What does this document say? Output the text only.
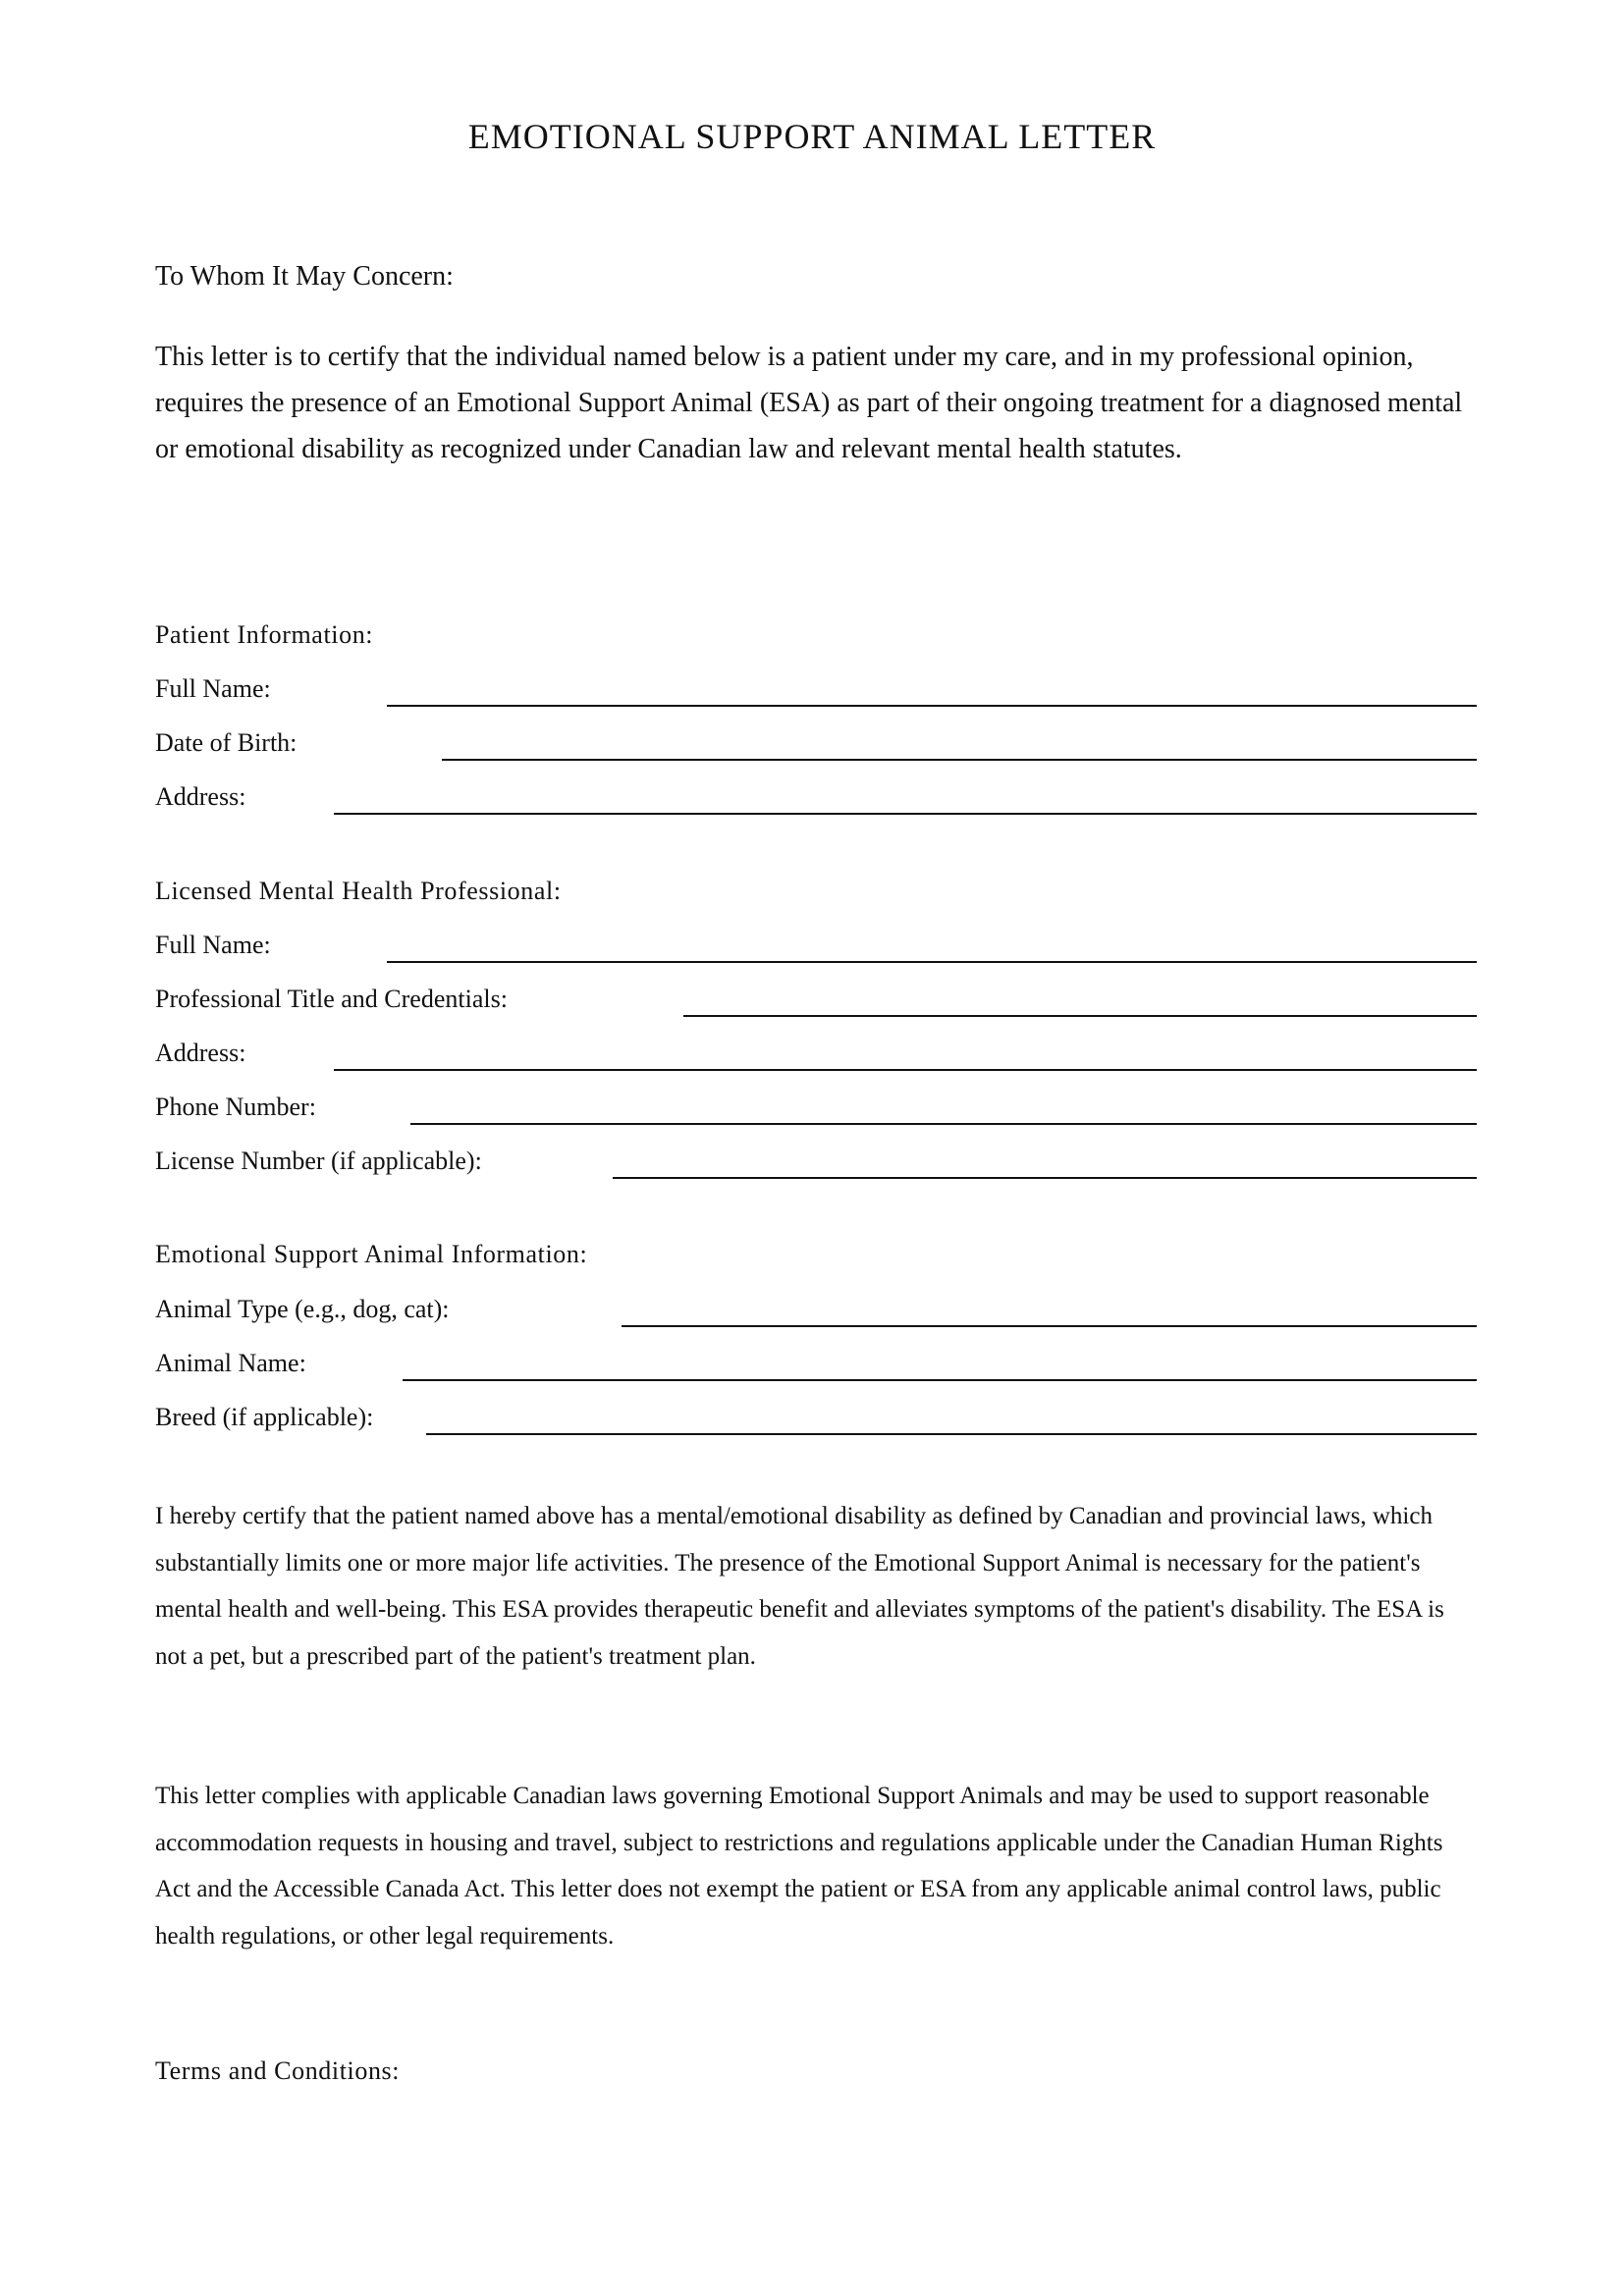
EMOTIONAL SUPPORT ANIMAL LETTER

To Whom It May Concern:

This letter is to certify that the individual named below is a patient under my care, and in my professional opinion, requires the presence of an Emotional Support Animal (ESA) as part of their ongoing treatment for a diagnosed mental or emotional disability as recognized under Canadian law and relevant mental health statutes.

Patient Information:
Full Name:
Date of Birth:
Address:
Licensed Mental Health Professional:
Full Name:
Professional Title and Credentials:
Address:
Phone Number:
License Number (if applicable):
Emotional Support Animal Information:
Animal Type (e.g., dog, cat):
Animal Name:
Breed (if applicable):

I hereby certify that the patient named above has a mental/emotional disability as defined by Canadian and provincial laws, which substantially limits one or more major life activities. The presence of the Emotional Support Animal is necessary for the patient's mental health and well-being. This ESA provides therapeutic benefit and alleviates symptoms of the patient's disability. The ESA is not a pet, but a prescribed part of the patient's treatment plan.

This letter complies with applicable Canadian laws governing Emotional Support Animals and may be used to support reasonable accommodation requests in housing and travel, subject to restrictions and regulations applicable under the Canadian Human Rights Act and the Accessible Canada Act. This letter does not exempt the patient or ESA from any applicable animal control laws, public health regulations, or other legal requirements.

Terms and Conditions:
